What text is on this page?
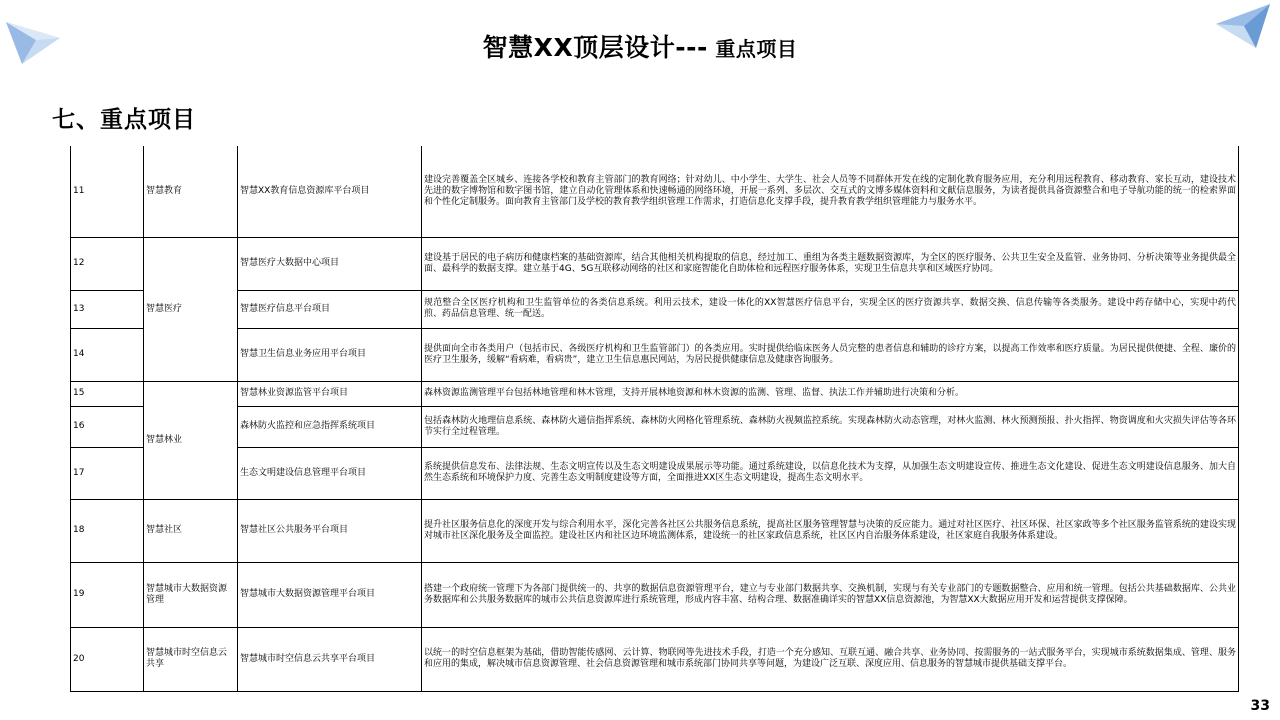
智慧XX顶层设计--- 重点项目
七、重点项目
11	智慧教育	智慧XX教育信息资源库平台项目	建设完善覆盖全区城乡、连接各学校和教育主管部门的教育网络；针对幼儿、中小学生、大学生、社会人员等不同群体开发在线的定制化教育服务应用，充分利用远程教育、移动教育、家长互动，建设技术先进的数字博物馆和数字图书馆，建立自动化管理体系和快速畅通的网络环境，开展一系列、多层次、交互式的文博多媒体资料和文献信息服务，为读者提供具备资源整合和电子导航功能的统一的检索界面和个性化定制服务。面向教育主管部门及学校的教育教学组织管理工作需求，打造信息化支撑手段，提升教育教学组织管理能力与服务水平。
12	智慧医疗	智慧医疗大数据中心项目	建设基于居民的电子病历和健康档案的基础资源库，结合其他相关机构提取的信息，经过加工、重组为各类主题数据资源库，为全区的医疗服务、公共卫生安全及监管、业务协同、分析决策等业务提供最全面、最科学的数据支撑。建立基于4G、5G互联移动网络的社区和家庭智能化自助体检和远程医疗服务体系，实现卫生信息共享和区域医疗协同。
13		智慧医疗信息平台项目	规范整合全区医疗机构和卫生监管单位的各类信息系统。利用云技术，建设一体化的XX智慧医疗信息平台，实现全区的医疗资源共享、数据交换、信息传输等各类服务。建设中药存储中心，实现中药代煎、药品信息管理、统一配送。
14		智慧卫生信息业务应用平台项目	提供面向全市各类用户（包括市民、各级医疗机构和卫生监管部门）的各类应用。实时提供给临床医务人员完整的患者信息和辅助的诊疗方案，以提高工作效率和医疗质量。为居民提供便捷、全程、廉价的医疗卫生服务，缓解“看病难，看病贵”，建立卫生信息惠民网站，为居民提供健康信息及健康咨询服务。
15	智慧林业	智慧林业资源监管平台项目	森林资源监测管理平台包括林地管理和林木管理，支持开展林地资源和林木资源的监测、管理、监督、执法工作并辅助进行决策和分析。
16		森林防火监控和应急指挥系统项目	包括森林防火地理信息系统、森林防火通信指挥系统、森林防火网格化管理系统、森林防火视频监控系统。实现森林防火动态管理，对林火监测、林火预测预报、扑火指挥、物资调度和火灾损失评估等各环节实行全过程管理。
17		生态文明建设信息管理平台项目	系统提供信息发布、法律法规、生态文明宣传以及生态文明建设成果展示等功能。通过系统建设，以信息化技术为支撑，从加强生态文明建设宣传、推进生态文化建设、促进生态文明建设信息服务、加大自然生态系统和环境保护力度、完善生态文明制度建设等方面，全面推进XX区生态文明建设，提高生态文明水平。
18	智慧社区	智慧社区公共服务平台项目	提升社区服务信息化的深度开发与综合利用水平，深化完善各社区公共服务信息系统，提高社区服务管理智慧与决策的反应能力。通过对社区医疗、社区环保、社区家政等多个社区服务监管系统的建设实现对城市社区深化服务及全面监控。建设社区内和社区边环境监测体系，建设统一的社区家政信息系统，社区区内自治服务体系建设，社区家庭自我服务体系建设。
19	智慧城市大数据资源管理	智慧城市大数据资源管理平台项目	搭建一个政府统一管理下为各部门提供统一的、共享的数据信息资源管理平台，建立与专业部门数据共享、交换机制，实现与有关专业部门的专题数据整合、应用和统一管理。包括公共基础数据库、公共业务数据库和公共服务数据库的城市公共信息资源库进行系统管理，形成内容丰富、结构合理、数据准确详实的智慧XX信息资源池，为智慧XX大数据应用开发和运营提供支撑保障。
20	智慧城市时空信息云共享	智慧城市时空信息云共享平台项目	以统一的时空信息框架为基础，借助智能传感网、云计算、物联网等先进技术手段，打造一个充分感知、互联互通、融合共享、业务协同、按需服务的一站式服务平台，实现城市系统数据集成、管理、服务和应用的集成，解决城市信息资源管理、社会信息资源管理和城市系统部门协同共享等问题，为建设广泛互联、深度应用、信息服务的智慧城市提供基础支撑平台。
33
